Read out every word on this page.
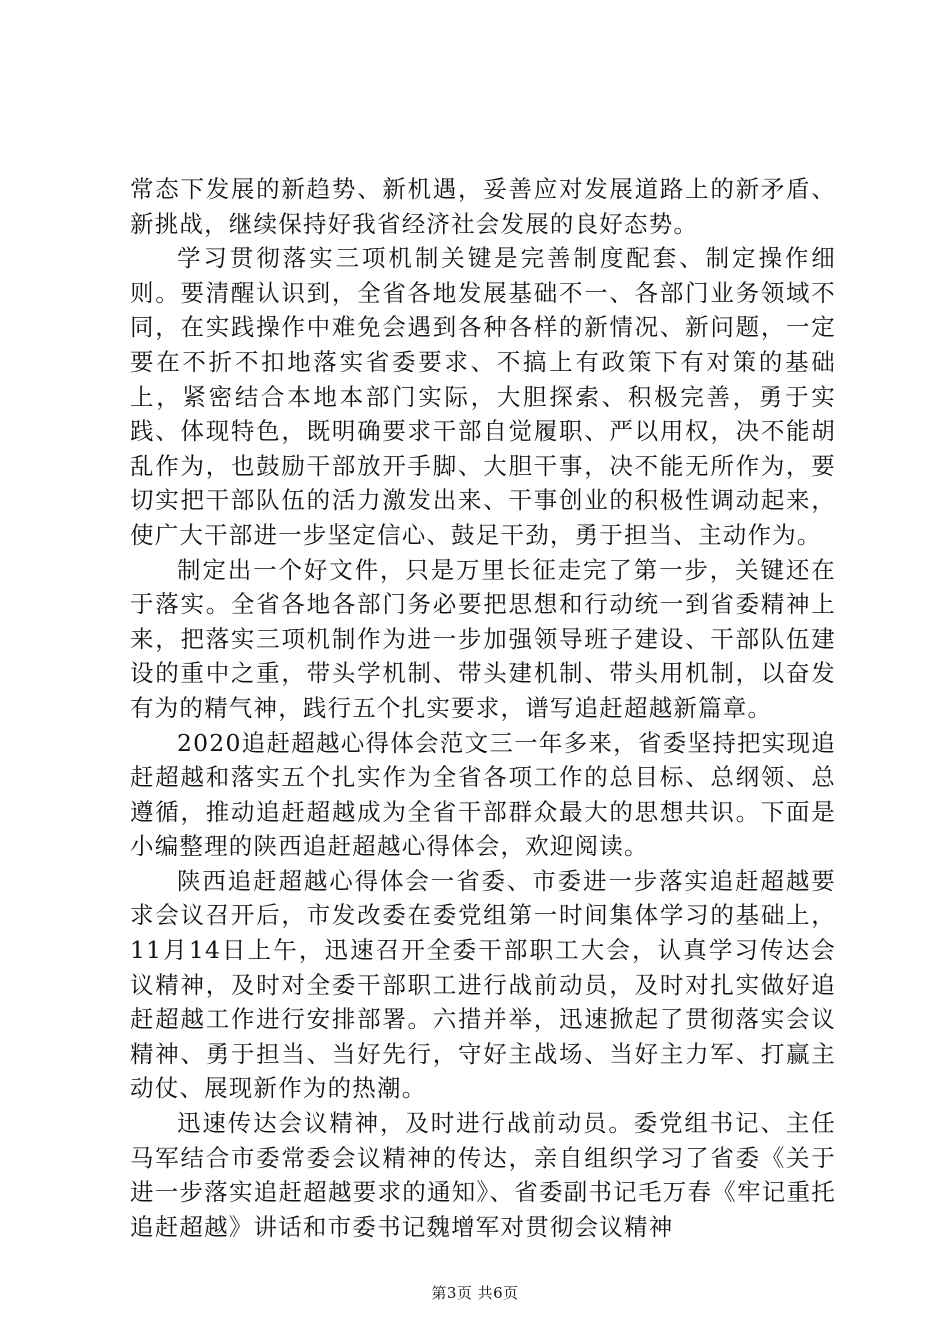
常态下发展的新趋势、新机遇，妥善应对发展道路上的新矛盾、新挑战，继续保持好我省经济社会发展的良好态势。

学习贯彻落实三项机制关键是完善制度配套、制定操作细则。要清醒认识到，全省各地发展基础不一、各部门业务领域不同，在实践操作中难免会遇到各种各样的新情况、新问题，一定要在不折不扣地落实省委要求、不搞上有政策下有对策的基础上，紧密结合本地本部门实际，大胆探索、积极完善，勇于实践、体现特色，既明确要求干部自觉履职、严以用权，决不能胡乱作为，也鼓励干部放开手脚、大胆干事，决不能无所作为，要切实把干部队伍的活力激发出来、干事创业的积极性调动起来，使广大干部进一步坚定信心、鼓足干劲，勇于担当、主动作为。

制定出一个好文件，只是万里长征走完了第一步，关键还在于落实。全省各地各部门务必要把思想和行动统一到省委精神上来，把落实三项机制作为进一步加强领导班子建设、干部队伍建设的重中之重，带头学机制、带头建机制、带头用机制，以奋发有为的精气神，践行五个扎实要求，谱写追赶超越新篇章。

2020追赶超越心得体会范文三一年多来，省委坚持把实现追赶超越和落实五个扎实作为全省各项工作的总目标、总纲领、总遵循，推动追赶超越成为全省干部群众最大的思想共识。下面是小编整理的陕西追赶超越心得体会，欢迎阅读。

陕西追赶超越心得体会一省委、市委进一步落实追赶超越要求会议召开后，市发改委在委党组第一时间集体学习的基础上，11月14日上午，迅速召开全委干部职工大会，认真学习传达会议精神，及时对全委干部职工进行战前动员，及时对扎实做好追赶超越工作进行安排部署。六措并举，迅速掀起了贯彻落实会议精神、勇于担当、当好先行，守好主战场、当好主力军、打赢主动仗、展现新作为的热潮。

迅速传达会议精神，及时进行战前动员。委党组书记、主任马军结合市委常委会议精神的传达，亲自组织学习了省委《关于进一步落实追赶超越要求的通知》、省委副书记毛万春《牢记重托追赶超越》讲话和市委书记魏增军对贯彻会议精神

第3页 共6页
